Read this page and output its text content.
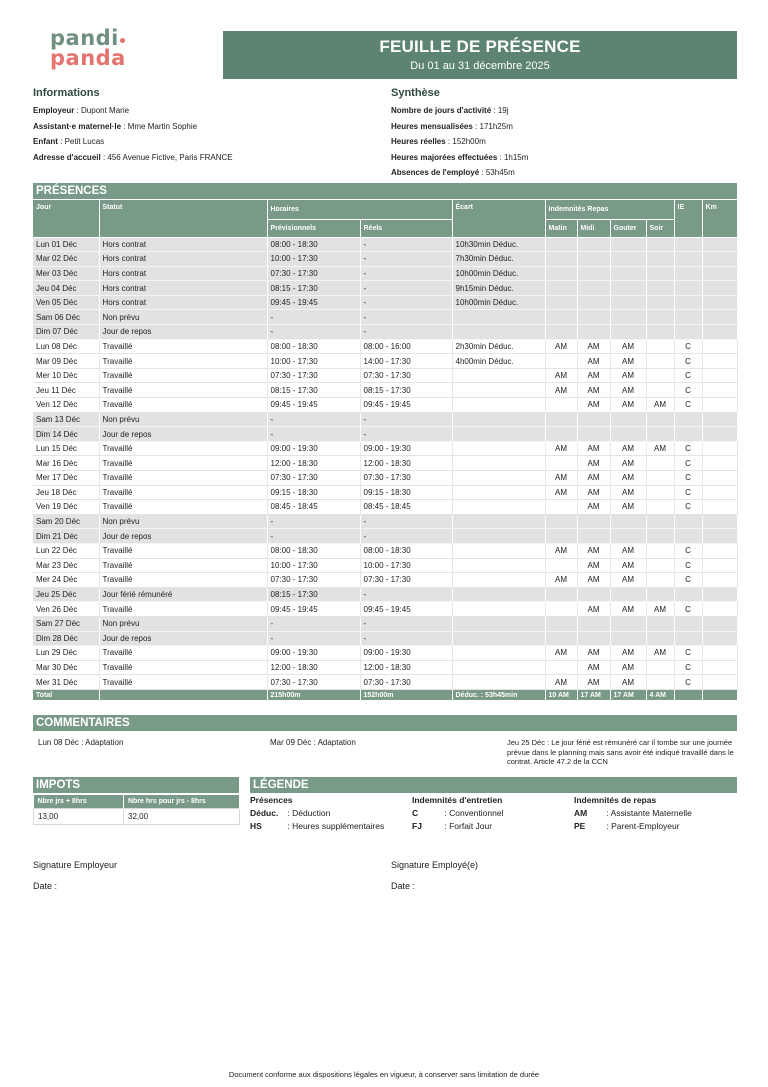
pandi
panda	FEUILLE DE PRÉSENCE
Du 01 au 31 décembre 2025
Informations
Employeur : Dupont Marie
Assistant·e maternel·le : Mme Martin Sophie
Enfant : Petit Lucas
Adresse d'accueil : 456 Avenue Fictive, Paris FRANCE
Synthèse
Nombre de jours d'activité : 19j
Heures mensualisées : 171h25m
Heures réelles : 152h00m
Heures majorées effectuées : 1h15m
Absences de l'employé : 53h45m
PRÉSENCES
Jour	Statut	Horaires		Écart	Indemnités Repas				IE	Km
		Prévisionnels	Réels		Matin	Midi	Gouter	Soir		
Lun 01 Déc	Hors contrat	08:00 - 18:30	-	10h30min Déduc.						
Mar 02 Déc	Hors contrat	10:00 - 17:30	-	7h30min Déduc.						
Mer 03 Déc	Hors contrat	07:30 - 17:30	-	10h00min Déduc.						
Jeu 04 Déc	Hors contrat	08:15 - 17:30	-	9h15min Déduc.						
Ven 05 Déc	Hors contrat	09:45 - 19:45	-	10h00min Déduc.						
Sam 06 Déc	Non prévu	-	-							
Dim 07 Déc	Jour de repos	-	-							
Lun 08 Déc	Travaillé	08:00 - 18:30	08:00 - 16:00	2h30min Déduc.	AM	AM	AM		C	
Mar 09 Déc	Travaillé	10:00 - 17:30	14:00 - 17:30	4h00min Déduc.		AM	AM		C	
Mer 10 Déc	Travaillé	07:30 - 17:30	07:30 - 17:30		AM	AM	AM		C	
Jeu 11 Déc	Travaillé	08:15 - 17:30	08:15 - 17:30		AM	AM	AM		C	
Ven 12 Déc	Travaillé	09:45 - 19:45	09:45 - 19:45			AM	AM	AM	C	
Sam 13 Déc	Non prévu	-	-							
Dim 14 Déc	Jour de repos	-	-							
Lun 15 Déc	Travaillé	09:00 - 19:30	09:00 - 19:30		AM	AM	AM	AM	C	
Mar 16 Déc	Travaillé	12:00 - 18:30	12:00 - 18:30			AM	AM		C	
Mer 17 Déc	Travaillé	07:30 - 17:30	07:30 - 17:30		AM	AM	AM		C	
Jeu 18 Déc	Travaillé	09:15 - 18:30	09:15 - 18:30		AM	AM	AM		C	
Ven 19 Déc	Travaillé	08:45 - 18:45	08:45 - 18:45			AM	AM		C	
Sam 20 Déc	Non prévu	-	-							
Dim 21 Déc	Jour de repos	-	-							
Lun 22 Déc	Travaillé	08:00 - 18:30	08:00 - 18:30		AM	AM	AM		C	
Mar 23 Déc	Travaillé	10:00 - 17:30	10:00 - 17:30			AM	AM		C	
Mer 24 Déc	Travaillé	07:30 - 17:30	07:30 - 17:30		AM	AM	AM		C	
Jeu 25 Déc	Jour férié rémunéré	08:15 - 17:30	-							
Ven 26 Déc	Travaillé	09:45 - 19:45	09:45 - 19:45			AM	AM	AM	C	
Sam 27 Déc	Non prévu	-	-							
Dim 28 Déc	Jour de repos	-	-							
Lun 29 Déc	Travaillé	09:00 - 19:30	09:00 - 19:30		AM	AM	AM	AM	C	
Mar 30 Déc	Travaillé	12:00 - 18:30	12:00 - 18:30			AM	AM		C	
Mer 31 Déc	Travaillé	07:30 - 17:30	07:30 - 17:30		AM	AM	AM		C	
Total		215h00m	152h00m	Déduc. : 53h45min	10 AM	17 AM	17 AM	4 AM		
COMMENTAIRES
Lun 08 Déc : Adaptation	Mar 09 Déc : Adaptation	Jeu 25 Déc : Le jour férié est rémunéré car il tombe sur une journée prévue dans le planning mais sans avoir été indiqué travaillé dans le contrat. Article 47.2 de la CCN
IMPOTS
Nbre jrs + 8hrs	Nbre hrs pour jrs - 8hrs
13,00	32,00
LÉGENDE
Présences
Déduc. : Déduction
HS	: Heures supplémentaires
Indemnités d'entretien
C	: Conventionnel
FJ : Forfait Jour
Indemnités de repas
AM : Assistante Maternelle
PE : Parent-Employeur
Signature Employeur	Signature Employé(e)
Date :	Date :
Document conforme aux dispositions légales en vigueur, à conserver sans limitation de durée
